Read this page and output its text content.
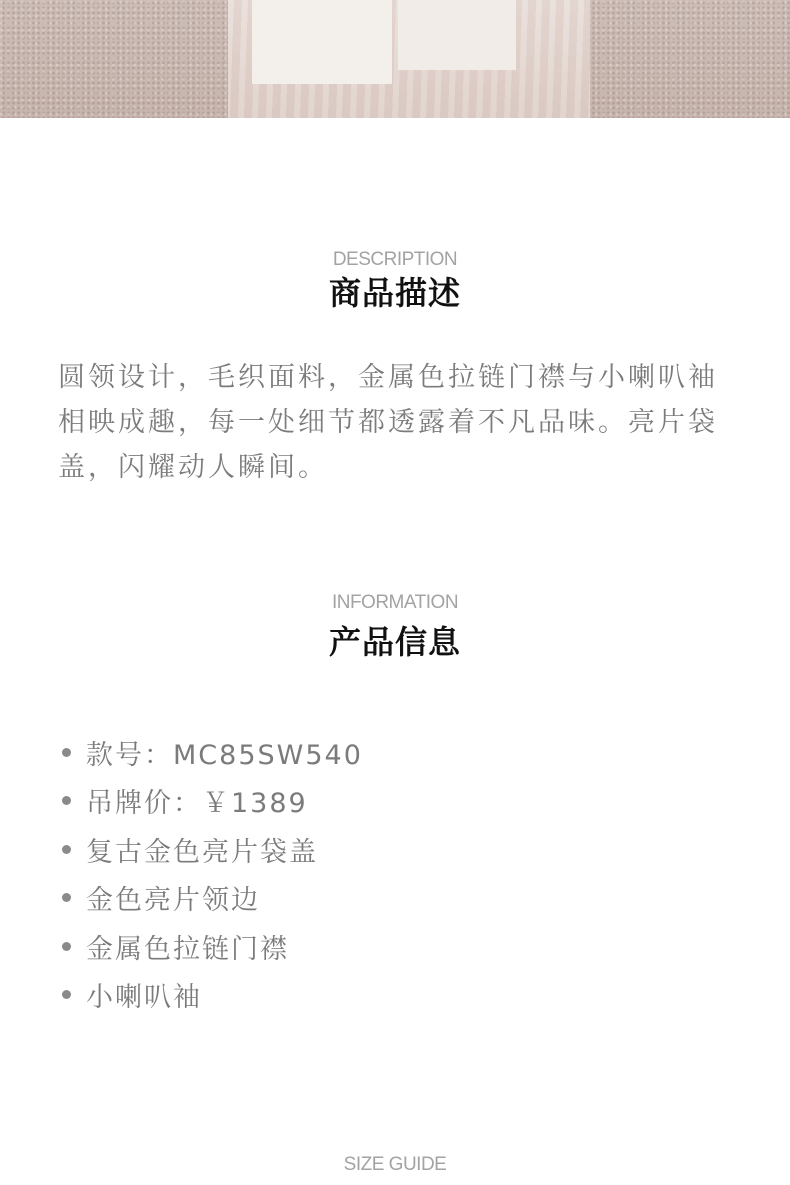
DESCRIPTION
商品描述
圆领设计，毛织面料，金属色拉链门襟与小喇叭袖相映成趣，每一处细节都透露着不凡品味。亮片袋盖，闪耀动人瞬间。
INFORMATION
产品信息
款号：MC85SW540
吊牌价：￥1389
复古金色亮片袋盖
金色亮片领边
金属色拉链门襟
小喇叭袖
SIZE GUIDE
